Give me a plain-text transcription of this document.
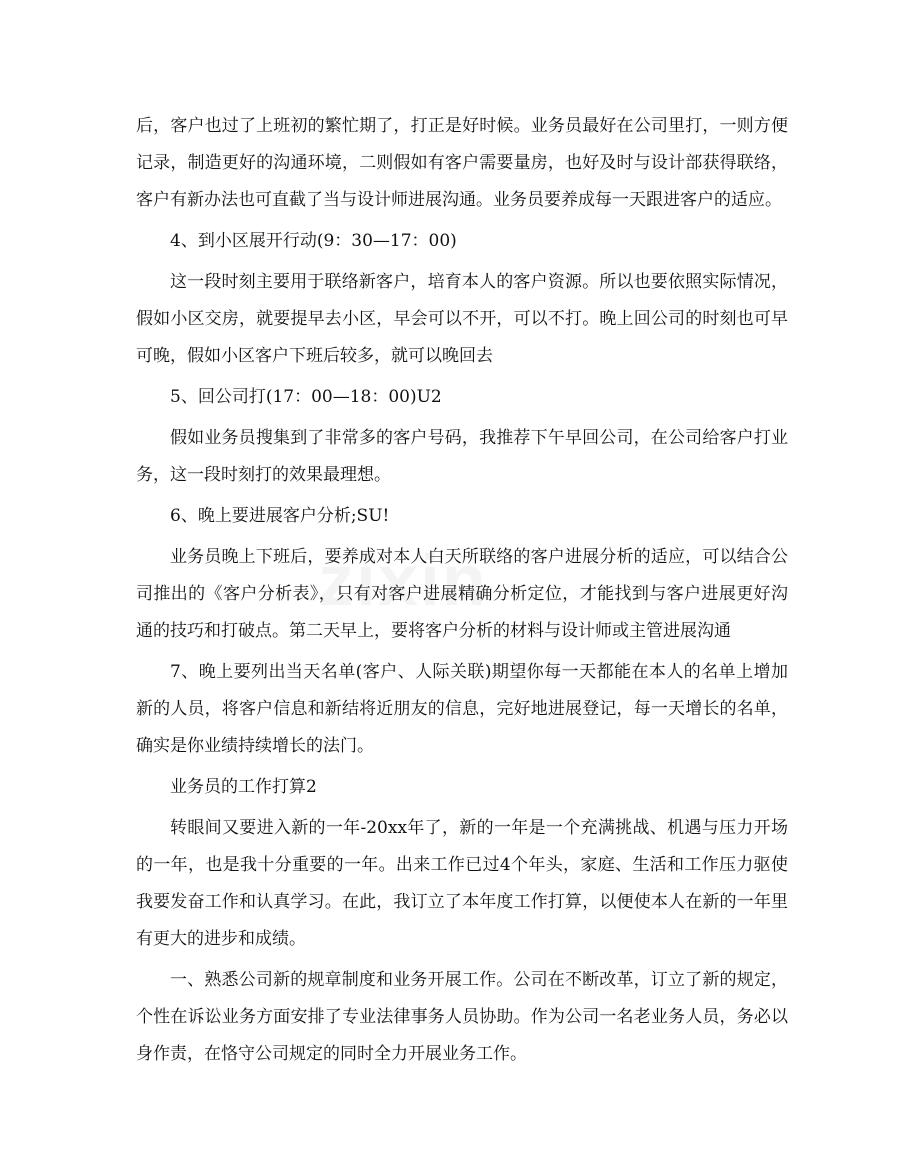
后，客户也过了上班初的繁忙期了，打正是好时候。业务员最好在公司里打，一则方便记录，制造更好的沟通环境，二则假如有客户需要量房，也好及时与设计部获得联络，客户有新办法也可直截了当与设计师进展沟通。业务员要养成每一天跟进客户的适应。

4、到小区展开行动(9：30—17：00)

这一段时刻主要用于联络新客户，培育本人的客户资源。所以也要依照实际情况，假如小区交房，就要提早去小区，早会可以不开，可以不打。晚上回公司的时刻也可早可晚，假如小区客户下班后较多，就可以晚回去

5、回公司打(17：00—18：00)U2

假如业务员搜集到了非常多的客户号码，我推荐下午早回公司，在公司给客户打业务，这一段时刻打的效果最理想。

6、晚上要进展客户分析;SU!

业务员晚上下班后，要养成对本人白天所联络的客户进展分析的适应，可以结合公司推出的《客户分析表》，只有对客户进展精确分析定位，才能找到与客户进展更好沟通的技巧和打破点。第二天早上，要将客户分析的材料与设计师或主管进展沟通

7、晚上要列出当天名单(客户、人际关联)期望你每一天都能在本人的名单上增加新的人员，将客户信息和新结将近朋友的信息，完好地进展登记，每一天增长的名单，确实是你业绩持续增长的法门。

业务员的工作打算2

转眼间又要进入新的一年-20xx年了，新的一年是一个充满挑战、机遇与压力开场的一年，也是我十分重要的一年。出来工作已过4个年头，家庭、生活和工作压力驱使我要发奋工作和认真学习。在此，我订立了本年度工作打算，以便使本人在新的一年里有更大的进步和成绩。

一、熟悉公司新的规章制度和业务开展工作。公司在不断改革，订立了新的规定，个性在诉讼业务方面安排了专业法律事务人员协助。作为公司一名老业务人员，务必以身作责，在恪守公司规定的同时全力开展业务工作。
